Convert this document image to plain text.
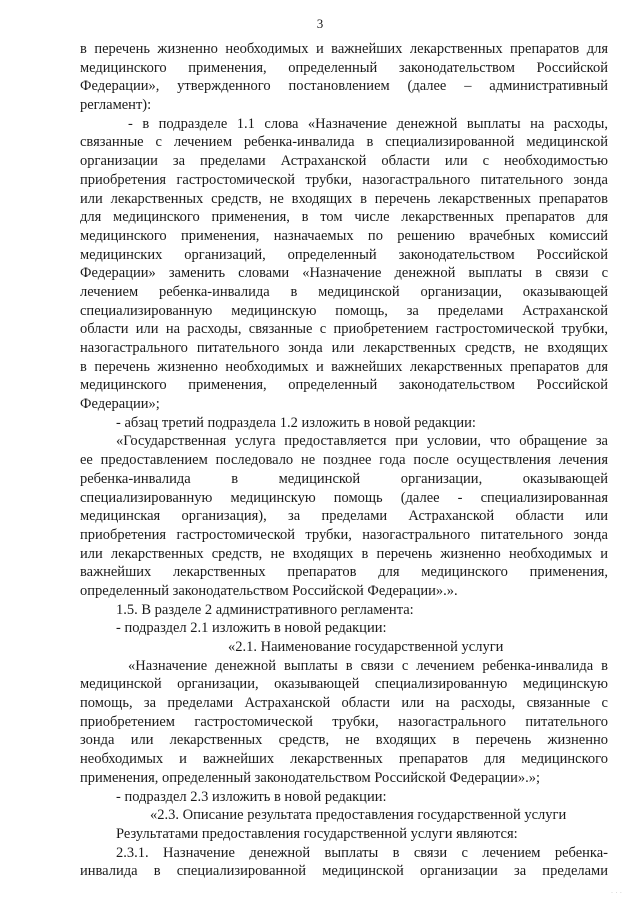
3
в перечень жизненно необходимых и важнейших лекарственных препаратов для
медицинского применения, определенный законодательством Российской
Федерации», утвержденного постановлением (далее – административный
регламент):
- в подразделе 1.1 слова «Назначение денежной выплаты на расходы,
связанные с лечением ребенка-инвалида в специализированной медицинской
организации за пределами Астраханской области или с необходимостью
приобретения гастростомической трубки, назогастрального питательного зонда
или лекарственных средств, не входящих в перечень лекарственных препаратов
для медицинского применения, в том числе лекарственных препаратов для
медицинского применения, назначаемых по решению врачебных комиссий
медицинских организаций, определенный законодательством Российской
Федерации» заменить словами «Назначение денежной выплаты в связи с
лечением ребенка-инвалида в медицинской организации, оказывающей
специализированную медицинскую помощь, за пределами Астраханской
области или на расходы, связанные с приобретением гастростомической трубки,
назогастрального питательного зонда или лекарственных средств, не входящих
в перечень жизненно необходимых и важнейших лекарственных препаратов для
медицинского применения, определенный законодательством Российской
Федерации»;
- абзац третий подраздела 1.2 изложить в новой редакции:
«Государственная услуга предоставляется при условии, что обращение за
ее предоставлением последовало не позднее года после осуществления лечения
ребенка-инвалида в медицинской организации, оказывающей
специализированную медицинскую помощь (далее - специализированная
медицинская организация), за пределами Астраханской области или
приобретения гастростомической трубки, назогастрального питательного зонда
или лекарственных средств, не входящих в перечень жизненно необходимых и
важнейших лекарственных препаратов для медицинского применения,
определенный законодательством Российской Федерации».».
1.5. В разделе 2 административного регламента:
- подраздел 2.1 изложить в новой редакции:
«2.1. Наименование государственной услуги
«Назначение денежной выплаты в связи с лечением ребенка-инвалида в
медицинской организации, оказывающей специализированную медицинскую
помощь, за пределами Астраханской области или на расходы, связанные с
приобретением гастростомической трубки, назогастрального питательного
зонда или лекарственных средств, не входящих в перечень жизненно
необходимых и важнейших лекарственных препаратов для медицинского
применения, определенный законодательством Российской Федерации».»;
- подраздел 2.3 изложить в новой редакции:
«2.3. Описание результата предоставления государственной услуги
Результатами предоставления государственной услуги являются:
2.3.1. Назначение денежной выплаты в связи с лечением ребенка-
инвалида в специализированной медицинской организации за пределами
· · ·
